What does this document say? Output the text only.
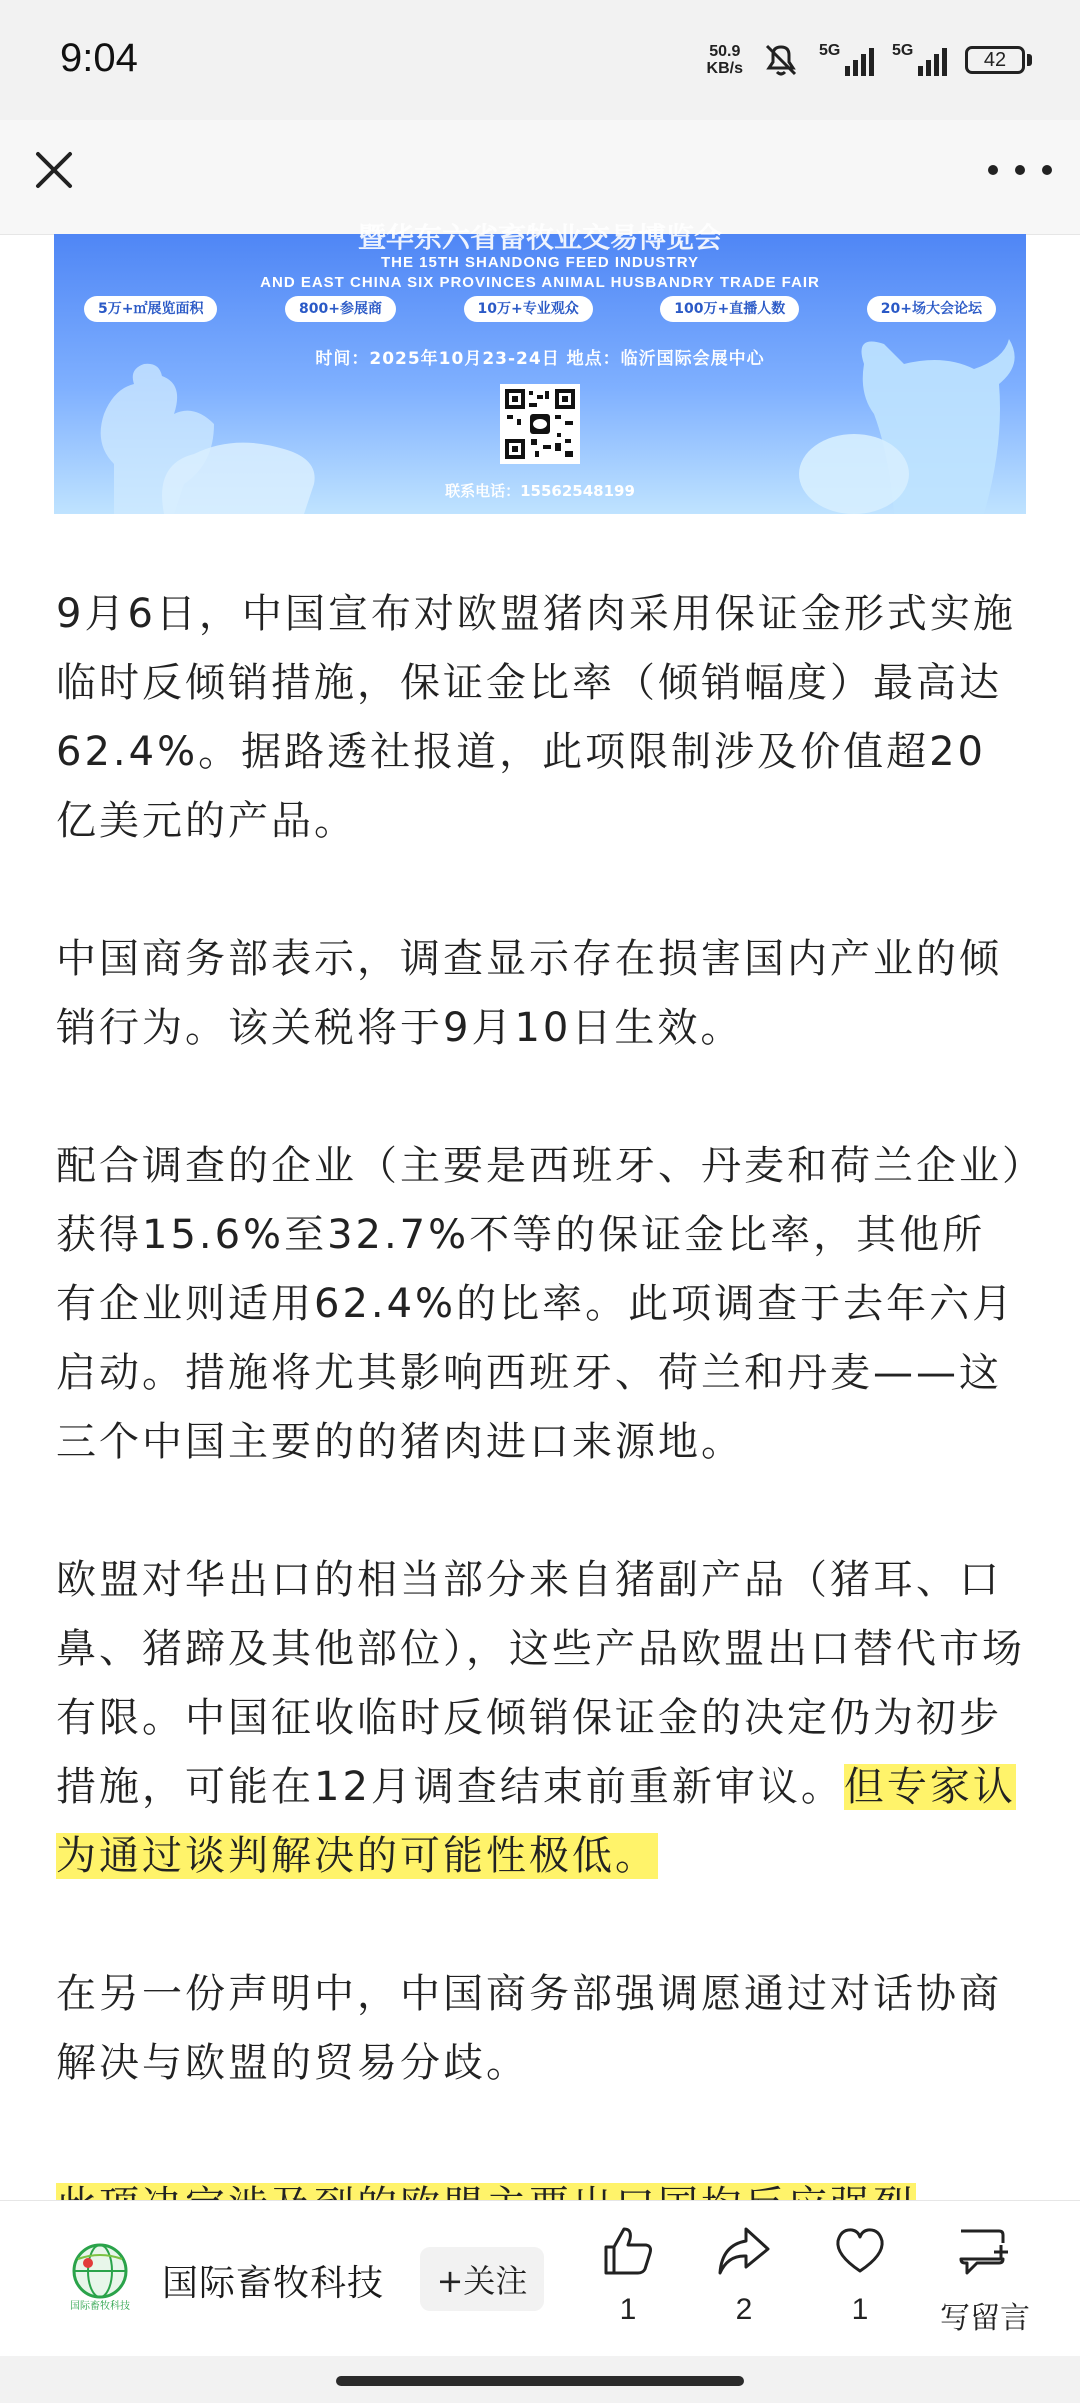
9:04	50.9
KB/s
5G	5G	42
暨华东六省畜牧业交易博览会
THE 15TH SHANDONG FEED INDUSTRY
AND EAST CHINA SIX PROVINCES ANIMAL HUSBANDRY TRADE FAIR
5万+㎡展览面积	800+参展商	10万+专业观众	100万+直播人数	20+场大会论坛
时间：2025年10月23-24日 地点：临沂国际会展中心
联系电话：15562548199

9月6日，中国宣布对欧盟猪肉采用保证金形式实施临时反倾销措施，保证金比率（倾销幅度）最高达62.4%。据路透社报道，此项限制涉及价值超20亿美元的产品。

中国商务部表示，调查显示存在损害国内产业的倾销行为。该关税将于9月10日生效。

配合调查的企业（主要是西班牙、丹麦和荷兰企业）获得15.6%至32.7%不等的保证金比率，其他所有企业则适用62.4%的比率。此项调查于去年六月启动。措施将尤其影响西班牙、荷兰和丹麦——这三个中国主要的的猪肉进口来源地。

欧盟对华出口的相当部分来自猪副产品（猪耳、口鼻、猪蹄及其他部位），这些产品欧盟出口替代市场有限。中国征收临时反倾销保证金的决定仍为初步措施，可能在12月调查结束前重新审议。但专家认为通过谈判解决的可能性极低。

在另一份声明中，中国商务部强调愿通过对话协商解决与欧盟的贸易分歧。

国际畜牧科技
国际畜牧科技	+关注
1	2	1	写留言
